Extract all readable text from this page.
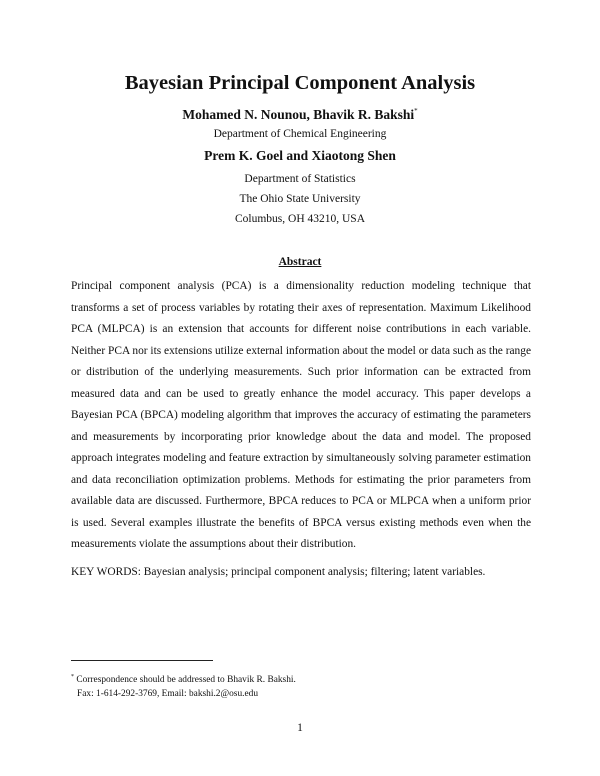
Bayesian Principal Component Analysis
Mohamed N. Nounou, Bhavik R. Bakshi*
Department of Chemical Engineering
Prem K. Goel and Xiaotong Shen
Department of Statistics
The Ohio State University
Columbus, OH 43210, USA
Abstract
Principal component analysis (PCA) is a dimensionality reduction modeling technique that transforms a set of process variables by rotating their axes of representation. Maximum Likelihood PCA (MLPCA) is an extension that accounts for different noise contributions in each variable. Neither PCA nor its extensions utilize external information about the model or data such as the range or distribution of the underlying measurements. Such prior information can be extracted from measured data and can be used to greatly enhance the model accuracy. This paper develops a Bayesian PCA (BPCA) modeling algorithm that improves the accuracy of estimating the parameters and measurements by incorporating prior knowledge about the data and model. The proposed approach integrates modeling and feature extraction by simultaneously solving parameter estimation and data reconciliation optimization problems. Methods for estimating the prior parameters from available data are discussed. Furthermore, BPCA reduces to PCA or MLPCA when a uniform prior is used. Several examples illustrate the benefits of BPCA versus existing methods even when the measurements violate the assumptions about their distribution.
KEY WORDS: Bayesian analysis; principal component analysis; filtering; latent variables.
* Correspondence should be addressed to Bhavik R. Bakshi.
Fax: 1-614-292-3769, Email: bakshi.2@osu.edu
1
